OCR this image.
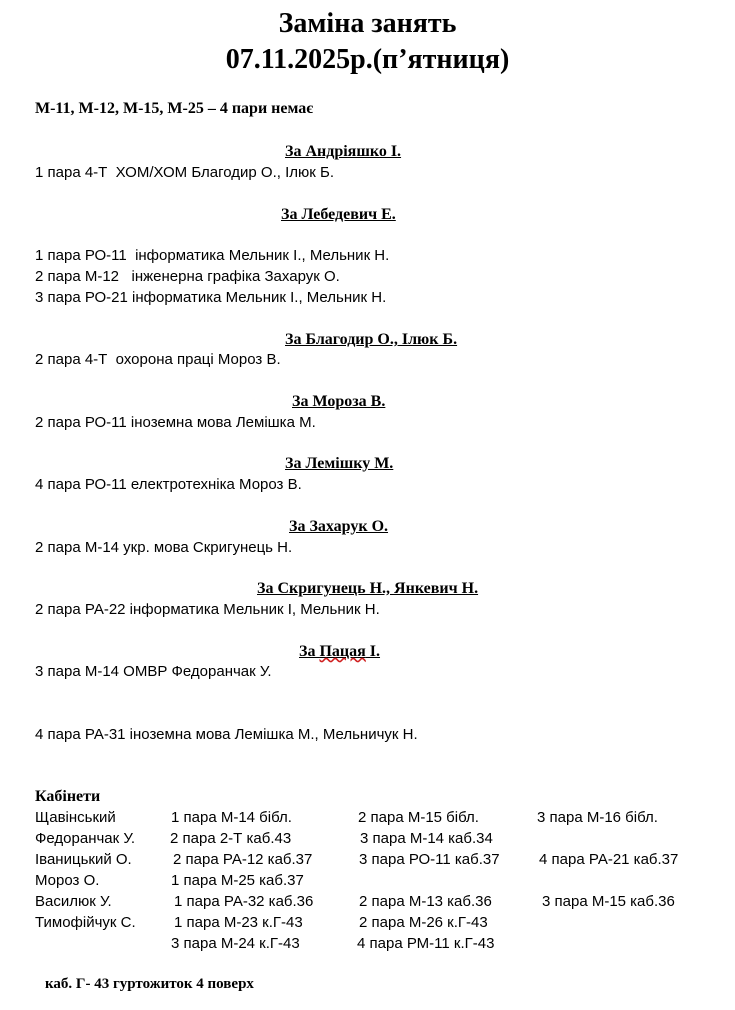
Заміна занять
07.11.2025р.(п’ятниця)
М-11, М-12, М-15, М-25 – 4 пари немає
За Андріяшко І.
1 пара 4-Т  ХОМ/ХОМ Благодир О., Ілюк Б.
За Лебедевич Е.
1 пара РО-11  інформатика Мельник І., Мельник Н.
2 пара М-12   інженерна графіка Захарук О.
3 пара РО-21 інформатика Мельник І., Мельник Н.
За Благодир О., Ілюк Б.
2 пара 4-Т  охорона праці Мороз В.
За Мороза В.
2 пара РО-11 іноземна мова Лемішка М.
За Лемішку М.
4 пара РО-11 електротехніка Мороз В.
За Захарук О.
2 пара М-14 укр. мова Скригунець Н.
За Скригунець Н., Янкевич Н.
2 пара РА-22 інформатика Мельник І, Мельник Н.
За Пацая І.
3 пара М-14 ОМВР Федоранчак У.
4 пара РА-31 іноземна мова Лемішка М., Мельничук Н.
Кабінети
Щавінський	1 пара М-14 бібл.	2 пара М-15 бібл.	3 пара М-16 бібл.
Федоранчак У. 2 пара 2-Т каб.43	3 пара М-14 каб.34
Іваницький О.	2 пара РА-12 каб.37	3 пара РО-11 каб.37	4 пара РА-21 каб.37
Мороз О.	1 пара М-25 каб.37
Василюк У.	1 пара РА-32 каб.36	2 пара М-13 каб.36	3 пара М-15 каб.36
Тимофійчук С.	1 пара М-23 к.Г-43	2 пара М-26 к.Г-43
3 пара М-24 к.Г-43	4 пара РМ-11 к.Г-43
каб. Г- 43 гуртожиток 4 поверх
